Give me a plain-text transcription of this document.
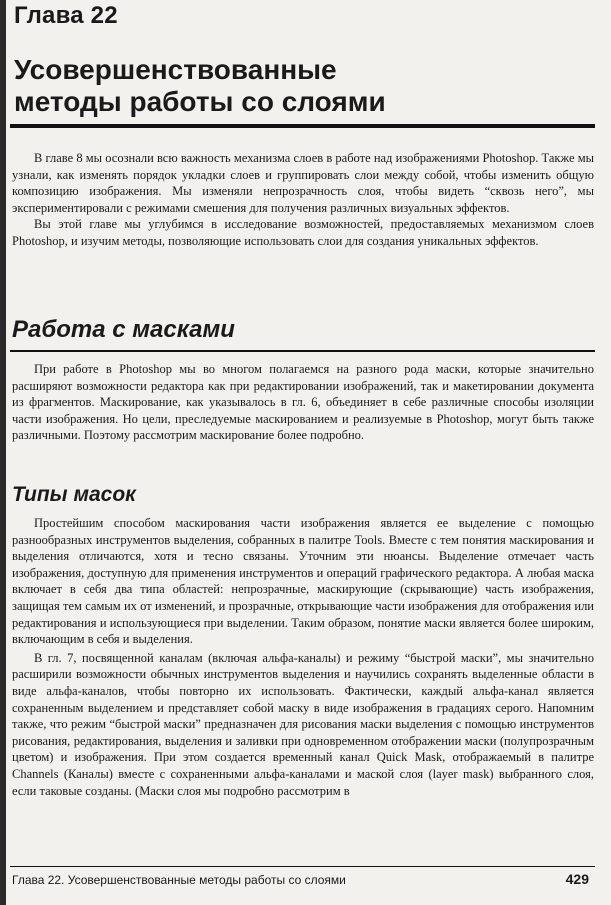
Глава 22
Усовершенствованные
методы работы со слоями

В главе 8 мы осознали всю важность механизма слоев в работе над изображениями Photoshop. Также мы узнали, как изменять порядок укладки слоев и группировать слои между собой, чтобы изменить общую композицию изображения. Мы изменяли непрозрачность слоя, чтобы видеть “сквозь него”, мы экспериментировали с режимами смешения для получения различных визуальных эффектов.

Вы этой главе мы углубимся в исследование возможностей, предоставляемых механизмом слоев Photoshop, и изучим методы, позволяющие использовать слои для создания уникальных эффектов.

Работа с масками

При работе в Photoshop мы во многом полагаемся на разного рода маски, которые значительно расширяют возможности редактора как при редактировании изображений, так и макетировании документа из фрагментов. Маскирование, как указывалось в гл. 6, объединяет в себе различные способы изоляции части изображения. Но цели, преследуемые маскированием и реализуемые в Photoshop, могут быть также различными. Поэтому рассмотрим маскирование более подробно.

Типы масок

Простейшим способом маскирования части изображения является ее выделение с помощью разнообразных инструментов выделения, собранных в палитре Tools. Вместе с тем понятия маскирования и выделения отличаются, хотя и тесно связаны. Уточним эти нюансы. Выделение отмечает часть изображения, доступную для применения инструментов и операций графического редактора. А любая маска включает в себя два типа областей: непрозрачные, маскирующие (скрывающие) часть изображения, защищая тем самым их от изменений, и прозрачные, открывающие части изображения для отображения или редактирования и использующиеся при выделении. Таким образом, понятие маски является более широким, включающим в себя и выделения.

В гл. 7, посвященной каналам (включая альфа-каналы) и режиму “быстрой маски”, мы значительно расширили возможности обычных инструментов выделения и научились сохранять выделенные области в виде альфа-каналов, чтобы повторно их использовать. Фактически, каждый альфа-канал является сохраненным выделением и представляет собой маску в виде изображения в градациях серого. Напомним также, что режим “быстрой маски” предназначен для рисования маски выделения с помощью инструментов рисования, редактирования, выделения и заливки при одновременном отображении маски (полупрозрачным цветом) и изображения. При этом создается временный канал Quick Mask, отображаемый в палитре Channels (Каналы) вместе с сохраненными альфа-каналами и маской слоя (layer mask) выбранного слоя, если таковые созданы. (Маски слоя мы подробно рассмотрим в

Глава 22. Усовершенствованные методы работы со слоями	429
